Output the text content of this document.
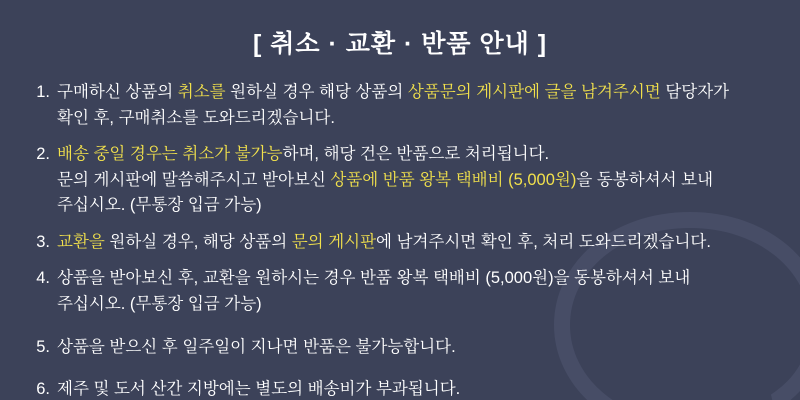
[ 취소 · 교환 · 반품 안내 ]
1. 구매하신 상품의 취소를 원하실 경우 해당 상품의 상품문의 게시판에 글을 남겨주시면 담당자가
확인 후, 구매취소를 도와드리겠습니다.
2. 배송 중일 경우는 취소가 불가능하며, 해당 건은 반품으로 처리됩니다.
문의 게시판에 말씀해주시고 받아보신 상품에 반품 왕복 택배비 (5,000원)을 동봉하셔서 보내
주십시오. (무통장 입금 가능)
3. 교환을 원하실 경우, 해당 상품의 문의 게시판에 남겨주시면 확인 후, 처리 도와드리겠습니다.
4. 상품을 받아보신 후, 교환을 원하시는 경우 반품 왕복 택배비 (5,000원)을 동봉하셔서 보내
주십시오. (무통장 입금 가능)
5. 상품을 받으신 후 일주일이 지나면 반품은 불가능합니다.
6. 제주 및 도서 산간 지방에는 별도의 배송비가 부과됩니다.
